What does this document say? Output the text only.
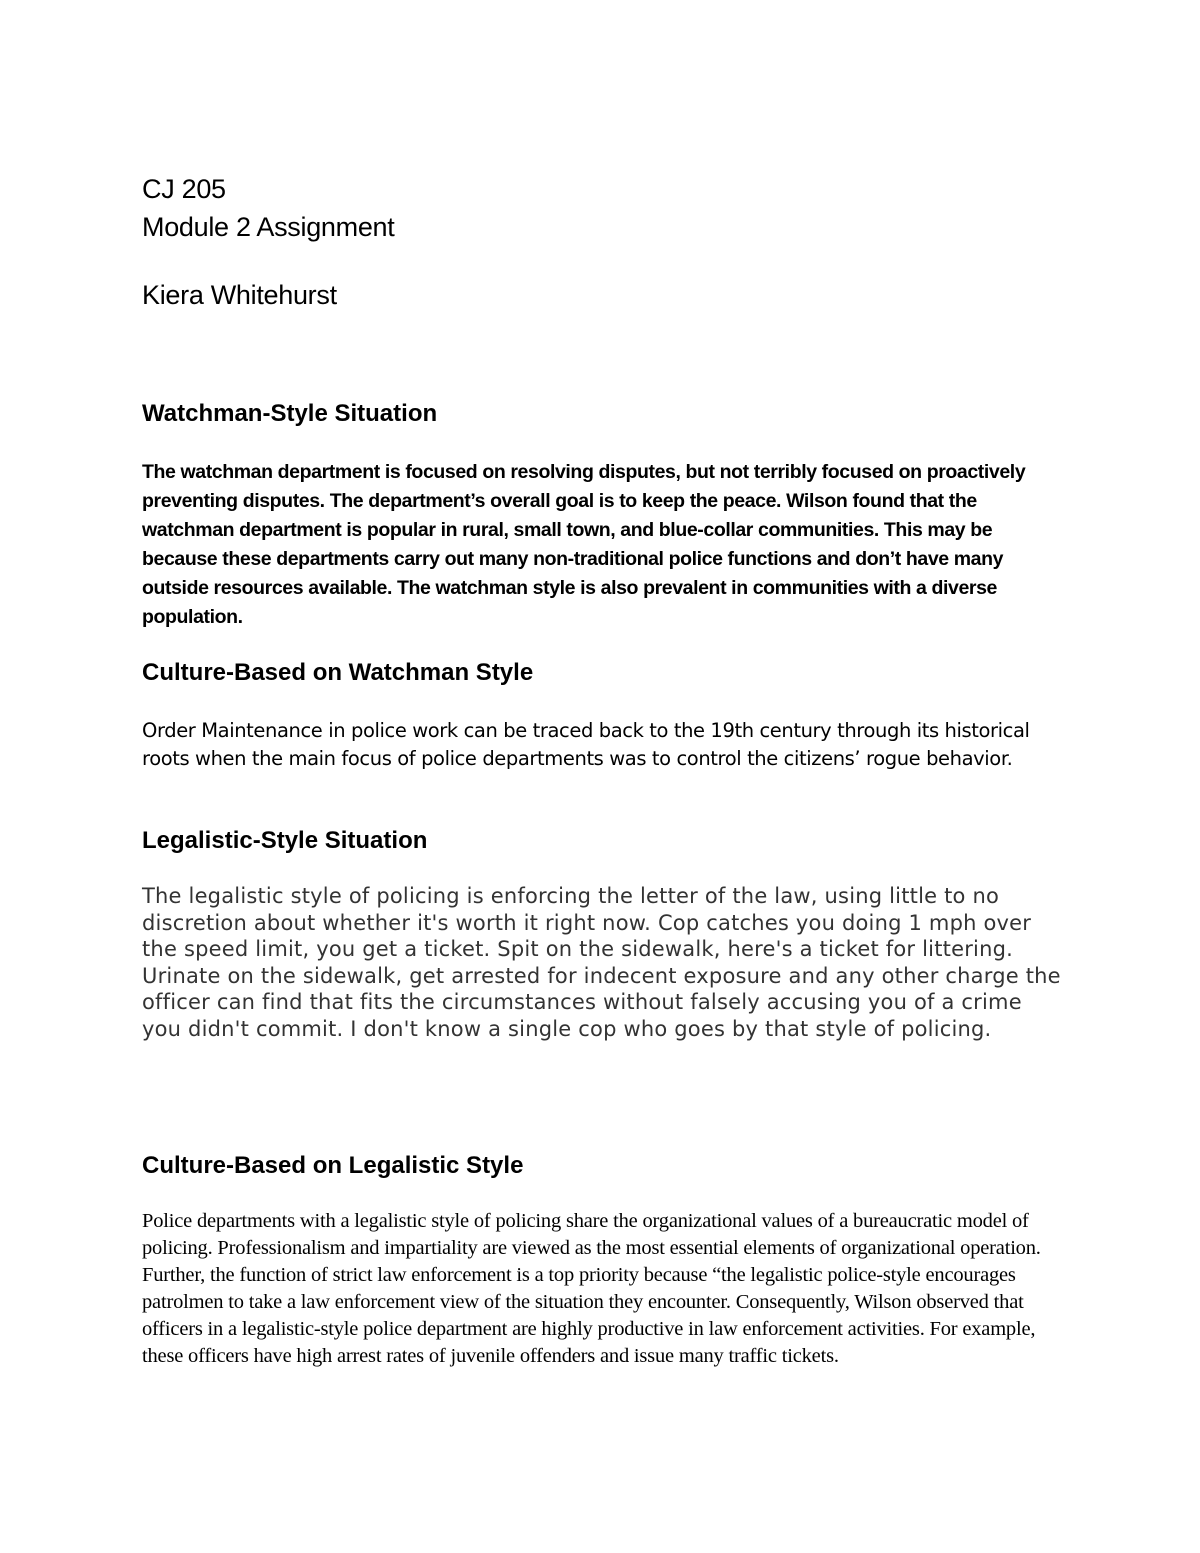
CJ 205

Module 2 Assignment

Kiera Whitehurst

Watchman-Style Situation

The watchman department is focused on resolving disputes, but not terribly focused on proactively preventing disputes. The department’s overall goal is to keep the peace. Wilson found that the watchman department is popular in rural, small town, and blue-collar communities. This may be because these departments carry out many non-traditional police functions and don’t have many outside resources available. The watchman style is also prevalent in communities with a diverse population.

Culture-Based on Watchman Style

Order Maintenance in police work can be traced back to the 19th century through its historical roots when the main focus of police departments was to control the citizens’ rogue behavior.

Legalistic-Style Situation

The legalistic style of policing is enforcing the letter of the law, using little to no discretion about whether it's worth it right now. Cop catches you doing 1 mph over the speed limit, you get a ticket. Spit on the sidewalk, here's a ticket for littering. Urinate on the sidewalk, get arrested for indecent exposure and any other charge the officer can find that fits the circumstances without falsely accusing you of a crime you didn't commit. I don't know a single cop who goes by that style of policing.

Culture-Based on Legalistic Style

Police departments with a legalistic style of policing share the organizational values of a bureaucratic model of policing. Professionalism and impartiality are viewed as the most essential elements of organizational operation. Further, the function of strict law enforcement is a top priority because “the legalistic police-style encourages patrolmen to take a law enforcement view of the situation they encounter. Consequently, Wilson observed that officers in a legalistic-style police department are highly productive in law enforcement activities. For example, these officers have high arrest rates of juvenile offenders and issue many traffic tickets.
